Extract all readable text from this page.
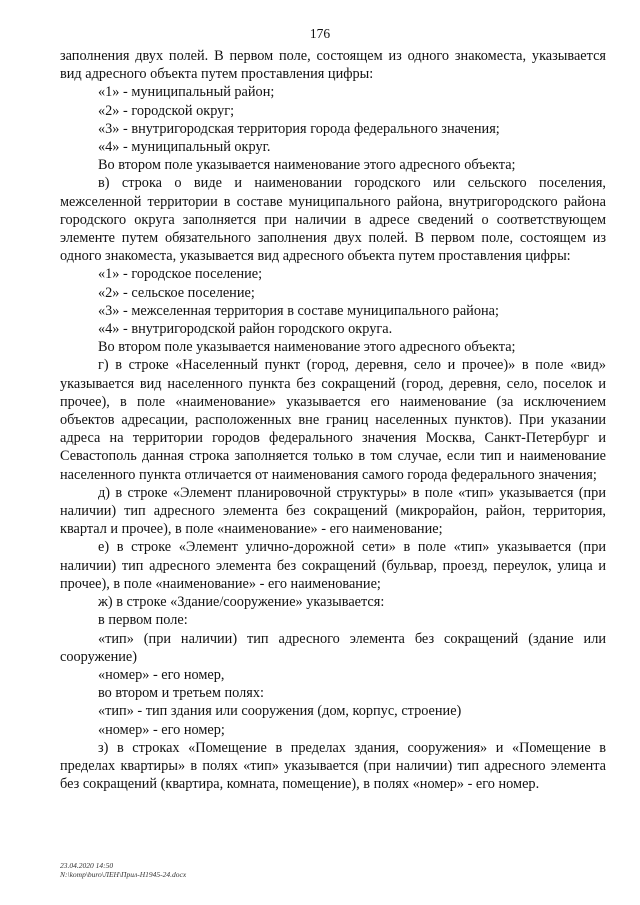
176

заполнения двух полей. В первом поле, состоящем из одного знакоместа, указывается вид адресного объекта путем проставления цифры:

«1» - муниципальный район;

«2» - городской округ;

«3» - внутригородская территория города федерального значения;

«4» - муниципальный округ.

Во втором поле указывается наименование этого адресного объекта;

в) строка о виде и наименовании городского или сельского поселения, межселенной территории в составе муниципального района, внутригородского района городского округа заполняется при наличии в адресе сведений о соответствующем элементе путем обязательного заполнения двух полей. В первом поле, состоящем из одного знакоместа, указывается вид адресного объекта путем проставления цифры:

«1» - городское поселение;

«2» - сельское поселение;

«3» - межселенная территория в составе муниципального района;

«4» - внутригородской район городского округа.

Во втором поле указывается наименование этого адресного объекта;

г) в строке «Населенный пункт (город, деревня, село и прочее)» в поле «вид» указывается вид населенного пункта без сокращений (город, деревня, село, поселок и прочее), в поле «наименование» указывается его наименование (за исключением объектов адресации, расположенных вне границ населенных пунктов). При указании адреса на территории городов федерального значения Москва, Санкт-Петербург и Севастополь данная строка заполняется только в том случае, если тип и наименование населенного пункта отличается от наименования самого города федерального значения;

д) в строке «Элемент планировочной структуры» в поле «тип» указывается (при наличии) тип адресного элемента без сокращений (микрорайон, район, территория, квартал и прочее), в поле «наименование» - его наименование;

е) в строке «Элемент улично-дорожной сети» в поле «тип» указывается (при наличии) тип адресного элемента без сокращений (бульвар, проезд, переулок, улица и прочее), в поле «наименование» - его наименование;

ж) в строке «Здание/сооружение» указывается:

в первом поле:

«тип» (при наличии) тип адресного элемента без сокращений (здание или сооружение)

«номер» - его номер,

во втором и третьем полях:

«тип» - тип здания или сооружения (дом, корпус, строение)

«номер» - его номер;

з) в строках «Помещение в пределах здания, сооружения» и «Помещение в пределах квартиры» в полях «тип» указывается (при наличии) тип адресного элемента без сокращений (квартира, комната, помещение), в полях «номер» - его номер.

23.04.2020 14:50
N:\komp\buro\ЛЕН\Прил-Н1945-24.docx
